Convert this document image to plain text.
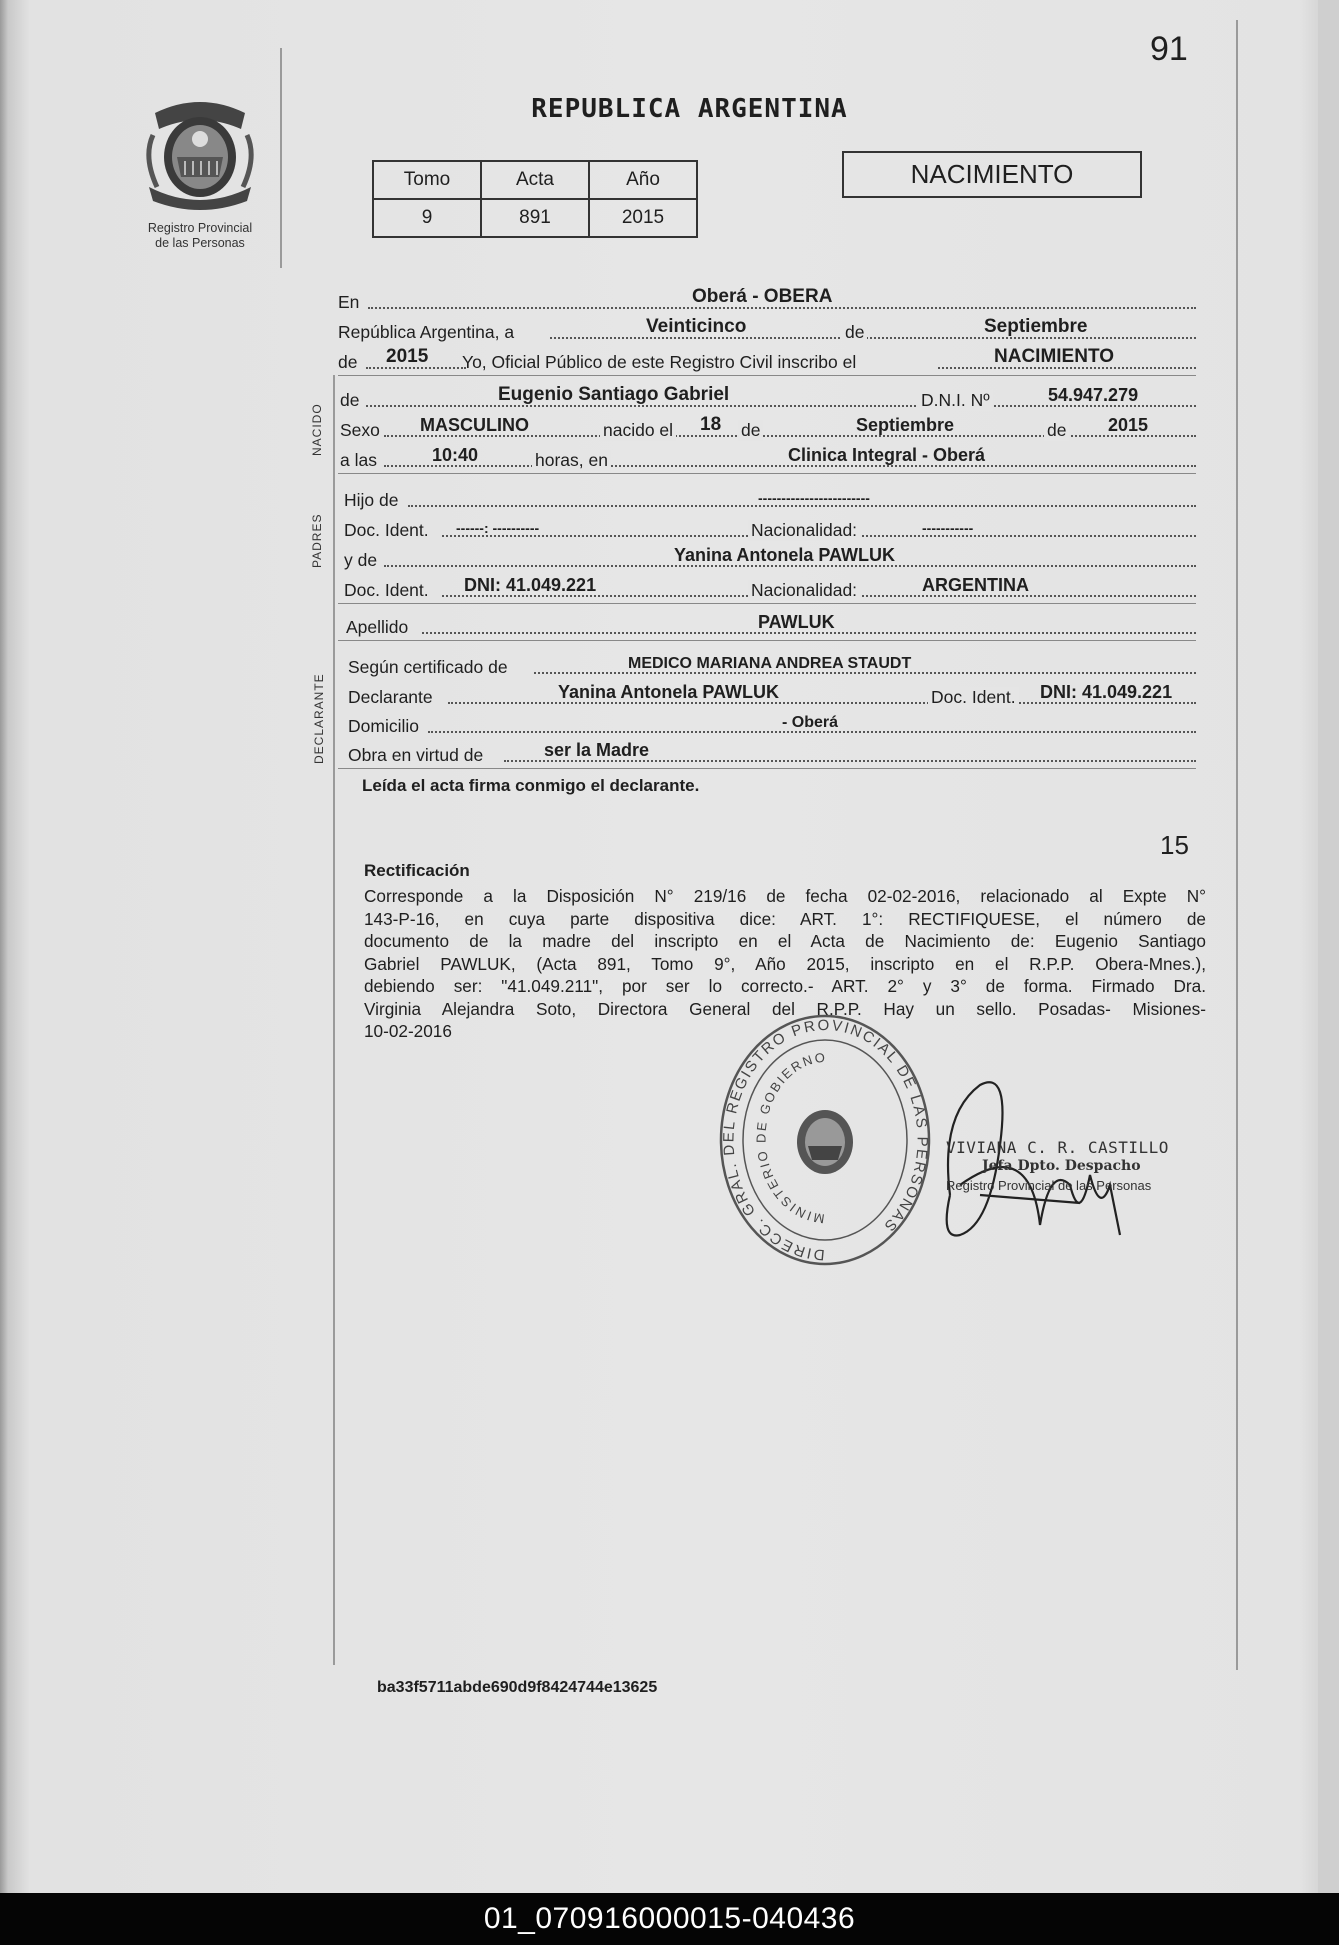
91
REPUBLICA ARGENTINA
Registro Provincial
de las Personas
Tomo	Acta	Año
9	891	2015
NACIMIENTO
En	Oberá - OBERA
República Argentina, a	Veinticinco	de	Septiembre
de 2015 Yo, Oficial Público de este Registro Civil inscribo el	NACIMIENTO
de	Eugenio Santiago Gabriel	D.N.I. Nº	54.947.279
Sexo MASCULINO	nacido el 18 de	Septiembre	de 2015
a las	10:40	horas, en	Clinica Integral - Oberá
Hijo de	------------------------
Doc. Ident. ------: ----------	Nacionalidad:	-----------
y de	Yanina Antonela PAWLUK
Doc. Ident. DNI: 41.049.221	Nacionalidad:	ARGENTINA
Apellido	PAWLUK
Según certificado de	MEDICO MARIANA ANDREA STAUDT
Declarante	Yanina Antonela PAWLUK	Doc. Ident. DNI: 41.049.221
Domicilio	- Oberá
Obra en virtud de	ser la Madre
NACIDO
PADRES
DECLARANTE
Leída el acta firma conmigo el declarante.
15
Rectificación
Corresponde a la Disposición N° 219/16 de fecha 02-02-2016, relacionado al Expte N°
143-P-16, en cuya parte dispositiva dice: ART. 1°: RECTIFIQUESE, el número de
documento de la madre del inscripto en el Acta de Nacimiento de: Eugenio Santiago
Gabriel PAWLUK, (Acta 891, Tomo 9°, Año 2015, inscripto en el R.P.P. Obera-Mnes.),
debiendo ser: "41.049.211", por ser lo correcto.- ART. 2° y 3° de forma. Firmado Dra.
Virginia Alejandra Soto, Directora General del R.P.P. Hay un sello. Posadas- Misiones-
10-02-2016
DIRECC. GRAL. DEL REGISTRO PROVINCIAL DE LAS PERSONAS
MINISTERIO DE GOBIERNO
VIVIANA C. R. CASTILLO
Jefa Dpto. Despacho
Registro Provincial de las Personas
ba33f5711abde690d9f8424744e13625
01_070916000015-040436
